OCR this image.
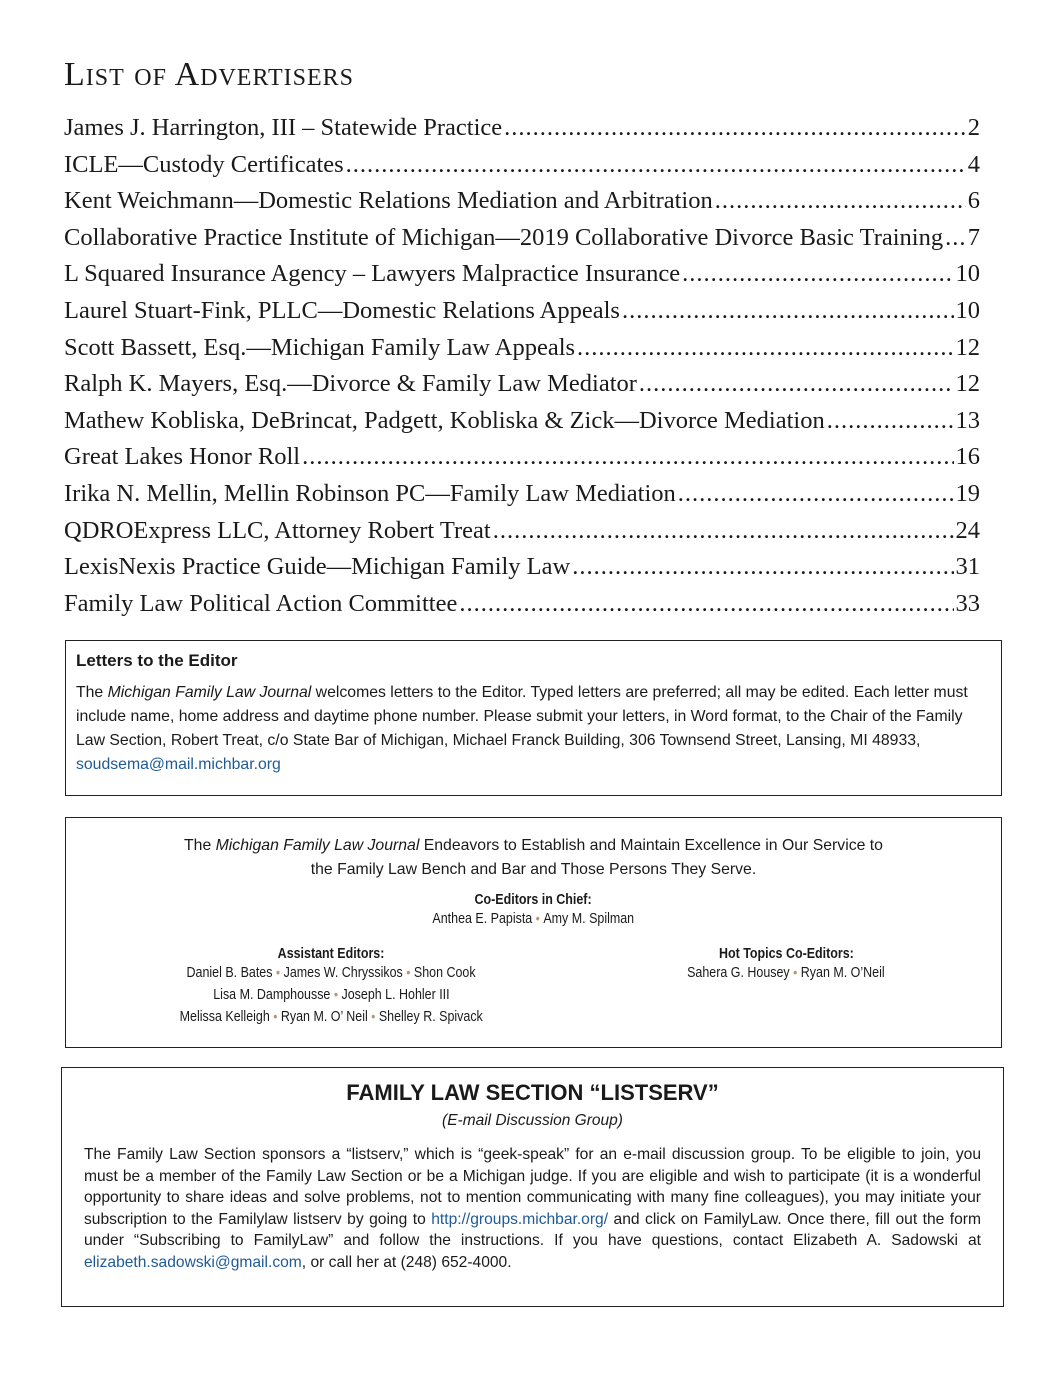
List of Advertisers
James J. Harrington, III – Statewide Practice .....	2
ICLE—Custody Certificates .....	4
Kent Weichmann—Domestic Relations Mediation and Arbitration .....	6
Collaborative Practice Institute of Michigan—2019 Collaborative Divorce Basic Training ..... 7
L Squared Insurance Agency – Lawyers Malpractice Insurance .....	10
Laurel Stuart-Fink, PLLC—Domestic Relations Appeals .....	10
Scott Bassett, Esq.—Michigan Family Law Appeals .....	12
Ralph K. Mayers, Esq.—Divorce & Family Law Mediator .....	12
Mathew Kobliska, DeBrincat, Padgett, Kobliska & Zick—Divorce Mediation .....	13
Great Lakes Honor Roll .....	16
Irika N. Mellin, Mellin Robinson PC—Family Law Mediation .....	19
QDROExpress LLC, Attorney Robert Treat .....	24
LexisNexis Practice Guide—Michigan Family Law .....	31
Family Law Political Action Committee .....	33
Letters to the Editor

The Michigan Family Law Journal welcomes letters to the Editor. Typed letters are preferred; all may be edited. Each letter must include name, home address and daytime phone number. Please submit your letters, in Word format, to the Chair of the Family Law Section, Robert Treat, c/o State Bar of Michigan, Michael Franck Building, 306 Townsend Street, Lansing, MI 48933, soudsema@mail.michbar.org

The Michigan Family Law Journal Endeavors to Establish and Maintain Excellence in Our Service to
the Family Law Bench and Bar and Those Persons They Serve.

Co-Editors in Chief:
Anthea E. Papista • Amy M. Spilman
Assistant Editors:
Daniel B. Bates • James W. Chryssikos • Shon Cook
Lisa M. Damphousse • Joseph L. Hohler III
Melissa Kelleigh • Ryan M. O’ Neil • Shelley R. Spivack
Hot Topics Co-Editors:
Sahera G. Housey • Ryan M. O’Neil
FAMILY LAW SECTION “LISTSERV”

(E-mail Discussion Group)

The Family Law Section sponsors a “listserv,” which is “geek-speak” for an e-mail discussion group. To be eligible to join, you must be a member of the Family Law Section or be a Michigan judge. If you are eligible and wish to participate (it is a wonderful opportunity to share ideas and solve problems, not to mention communicating with many fine colleagues), you may initiate your subscription to the Familylaw listserv by going to http://groups.michbar.org/ and click on FamilyLaw. Once there, fill out the form under “Subscribing to FamilyLaw” and follow the instructions. If you have questions, contact Elizabeth A. Sadowski at elizabeth.sadowski@gmail.com, or call her at (248) 652-4000.
